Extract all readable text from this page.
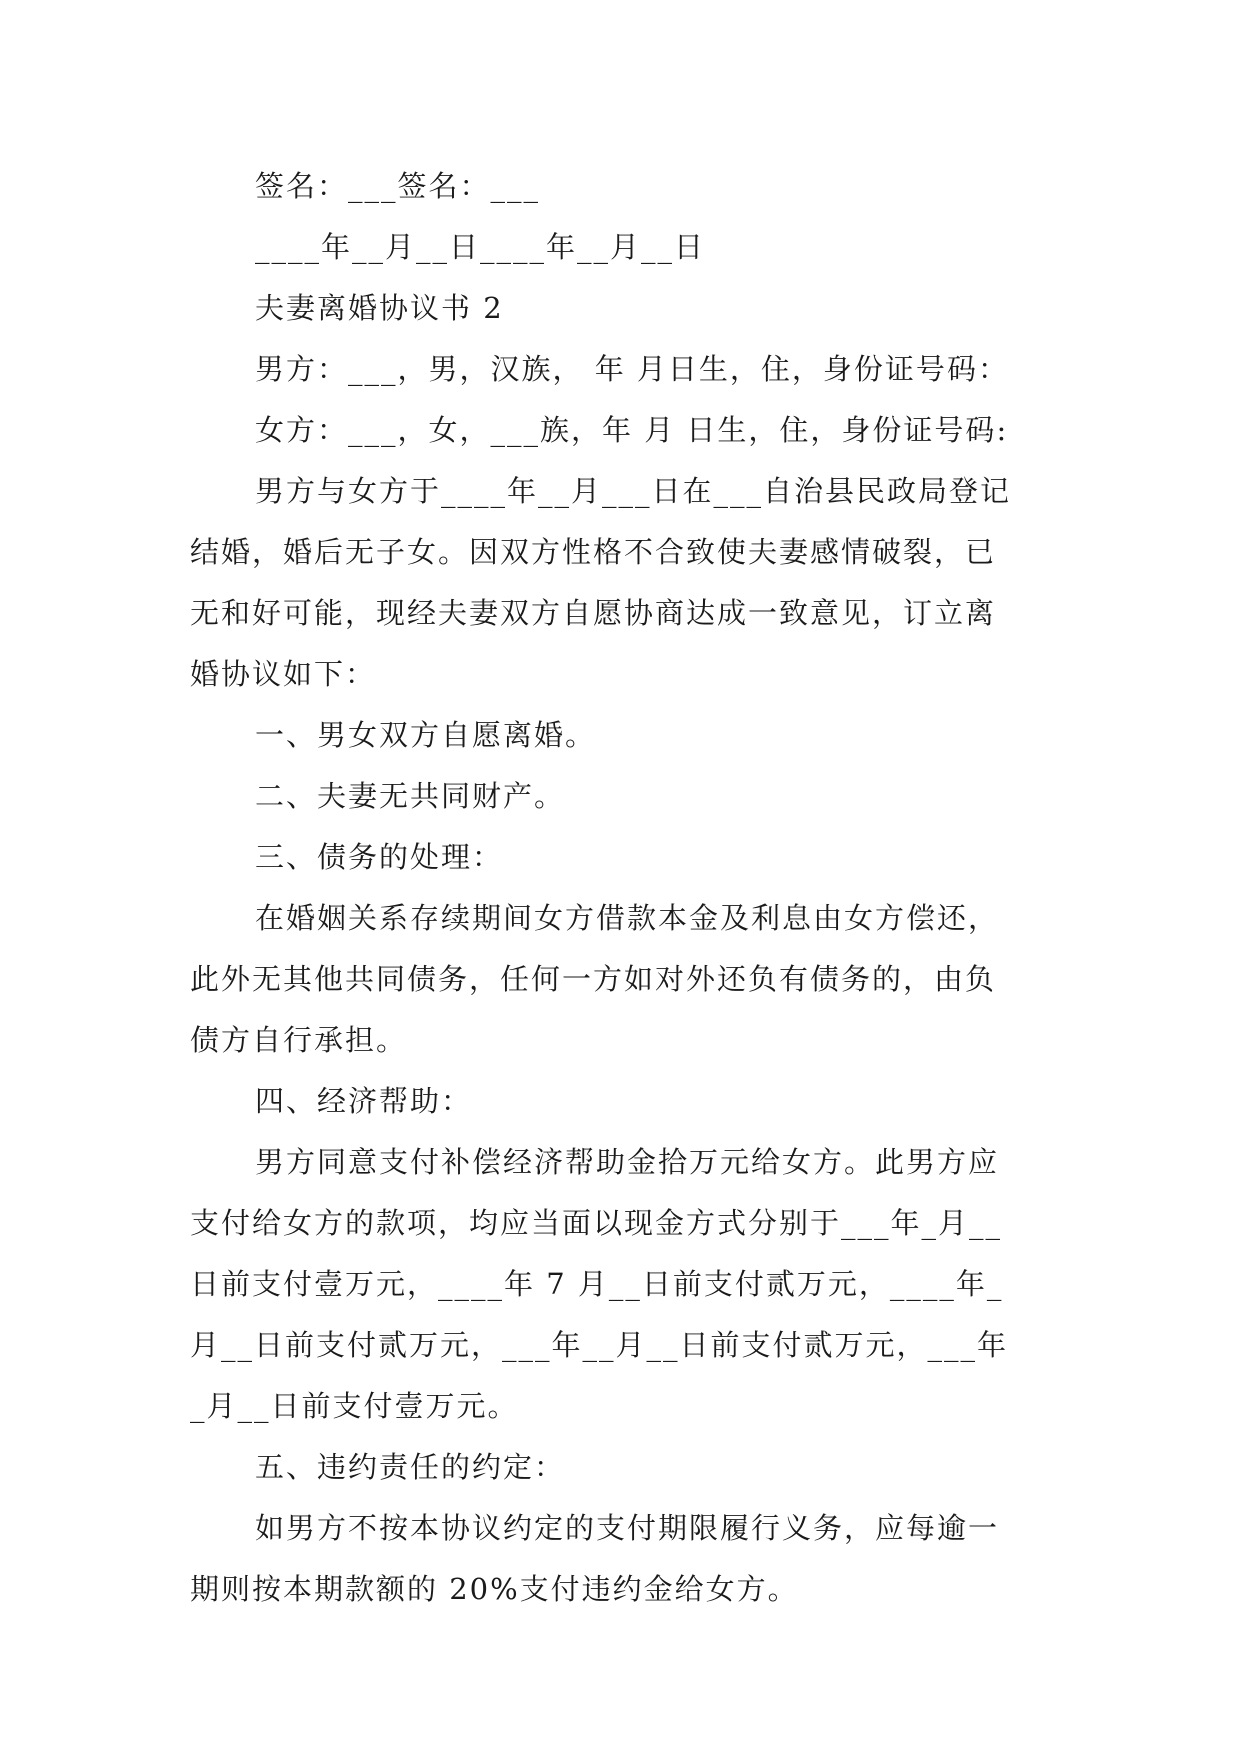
签名：___签名：___
____年__月__日____年__月__日
夫妻离婚协议书 2
男方：___，男，汉族， 年 月日生，住，身份证号码：
女方：___，女，___族，年 月 日生，住，身份证号码:
男方与女方于____年__月___日在___自治县民政局登记
结婚，婚后无子女。因双方性格不合致使夫妻感情破裂，已
无和好可能，现经夫妻双方自愿协商达成一致意见，订立离
婚协议如下：
一、男女双方自愿离婚。
二、夫妻无共同财产。
三、债务的处理：
在婚姻关系存续期间女方借款本金及利息由女方偿还，
此外无其他共同债务，任何一方如对外还负有债务的，由负
债方自行承担。
四、经济帮助：
男方同意支付补偿经济帮助金拾万元给女方。此男方应
支付给女方的款项，均应当面以现金方式分别于___年_月__
日前支付壹万元，____年 7 月__日前支付贰万元，____年_
月__日前支付贰万元，___年__月__日前支付贰万元，___年
_月__日前支付壹万元。
五、违约责任的约定：
如男方不按本协议约定的支付期限履行义务，应每逾一
期则按本期款额的 20%支付违约金给女方。
